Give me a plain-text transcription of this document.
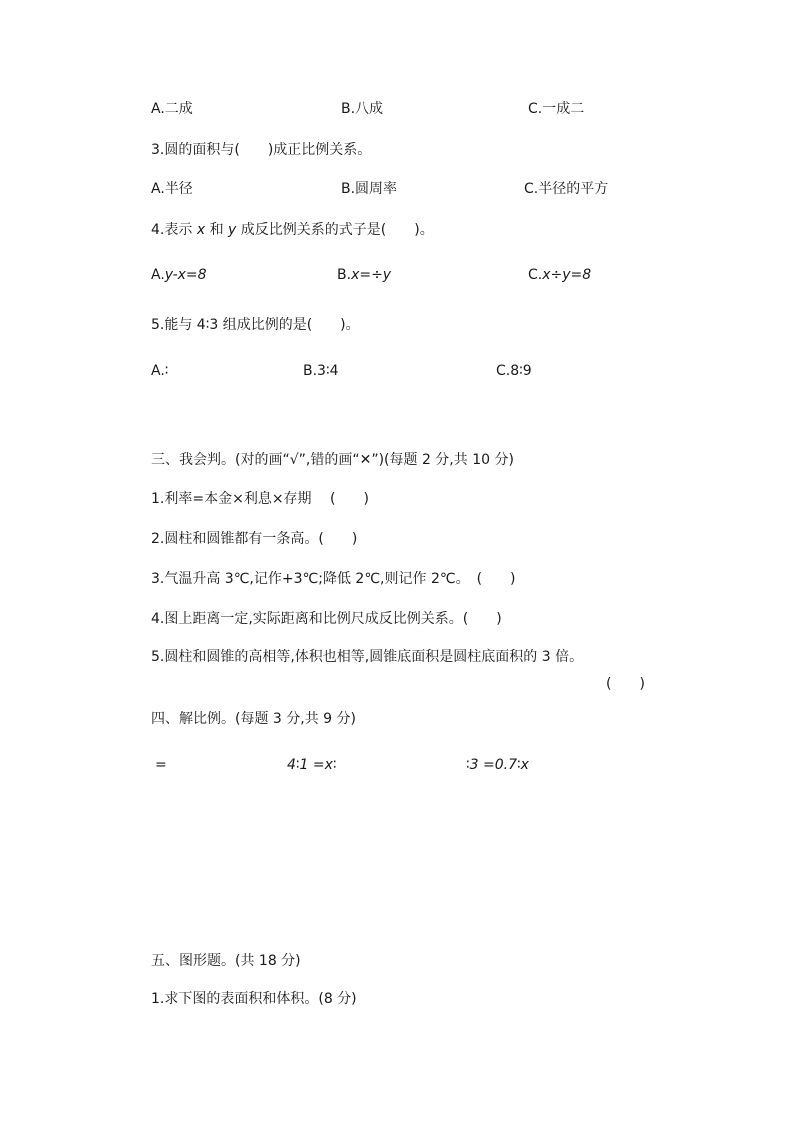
A.二成	B.八成	C.一成二
3.圆的面积与(　　)成正比例关系。
A.半径	B.圆周率	C.半径的平方
4.表示 x 和 y 成反比例关系的式子是(　　)。
A.y-x=8	B.x=÷y	C.x÷y=8
5.能与 4∶3 组成比例的是(　　)。
A.∶	B.3∶4	C.8∶9
三、我会判。(对的画“√”,错的画“✕”)(每题 2 分,共 10 分)
1.利率=本金×利息×存期　 (　　)
2.圆柱和圆锥都有一条高。(　　)
3.气温升高 3℃,记作+3℃;降低 2℃,则记作 2℃。　(　　)
4.图上距离一定,实际距离和比例尺成反比例关系。(　　)
5.圆柱和圆锥的高相等,体积也相等,圆锥底面积是圆柱底面积的 3 倍。
(　　)
四、解比例。(每题 3 分,共 9 分)
=	4∶1 =x∶	∶3 =0.7∶x
五、图形题。(共 18 分)
1.求下图的表面积和体积。(8 分)
